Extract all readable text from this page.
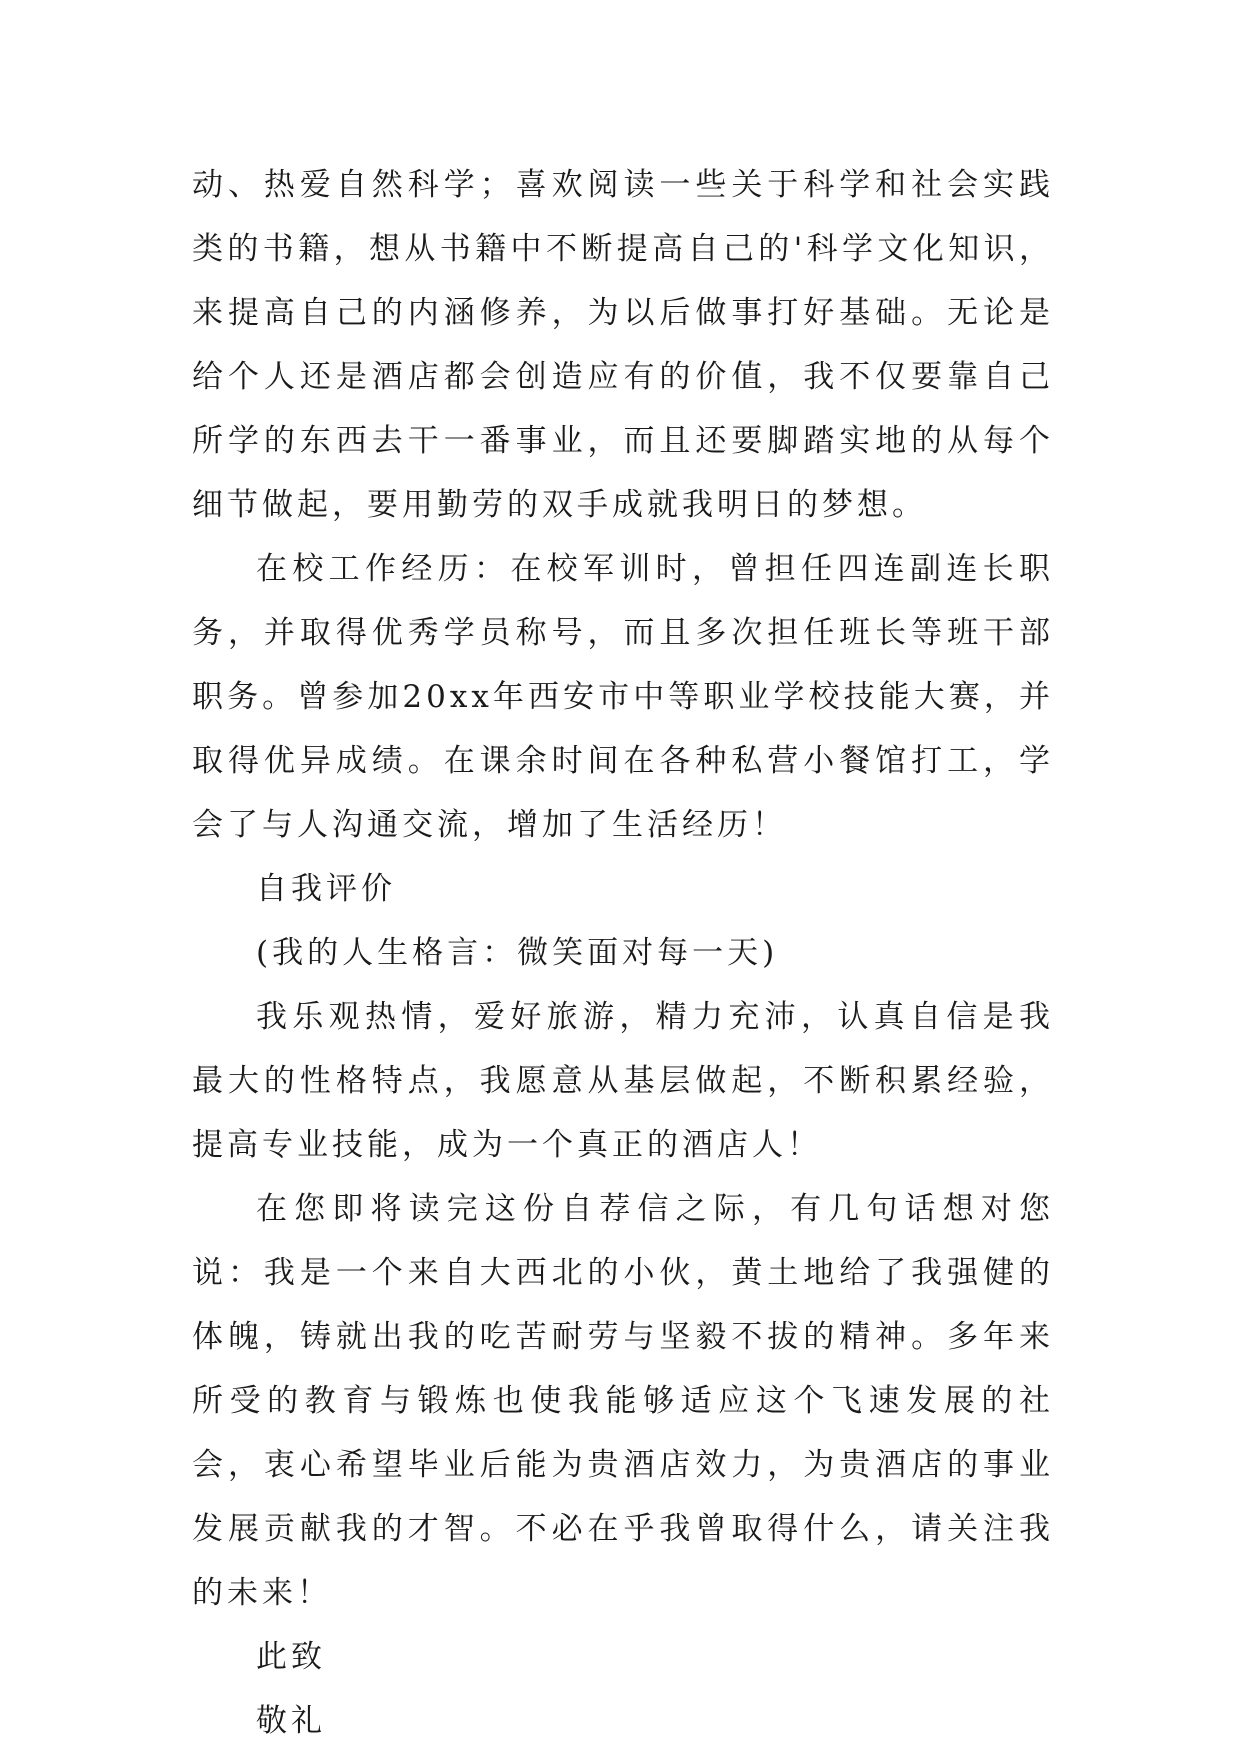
动、热爱自然科学；喜欢阅读一些关于科学和社会实践类的书籍，想从书籍中不断提高自己的'科学文化知识，来提高自己的内涵修养，为以后做事打好基础。无论是给个人还是酒店都会创造应有的价值，我不仅要靠自己所学的东西去干一番事业，而且还要脚踏实地的从每个细节做起，要用勤劳的双手成就我明日的梦想。

在校工作经历：在校军训时，曾担任四连副连长职务，并取得优秀学员称号，而且多次担任班长等班干部职务。曾参加20xx年西安市中等职业学校技能大赛，并取得优异成绩。在课余时间在各种私营小餐馆打工，学会了与人沟通交流，增加了生活经历！

自我评价

(我的人生格言：微笑面对每一天)

我乐观热情，爱好旅游，精力充沛，认真自信是我最大的性格特点，我愿意从基层做起，不断积累经验，提高专业技能，成为一个真正的酒店人！

在您即将读完这份自荐信之际，有几句话想对您说：我是一个来自大西北的小伙，黄土地给了我强健的体魄，铸就出我的吃苦耐劳与坚毅不拔的精神。多年来所受的教育与锻炼也使我能够适应这个飞速发展的社会，衷心希望毕业后能为贵酒店效力，为贵酒店的事业发展贡献我的才智。不必在乎我曾取得什么，请关注我的未来！

此致

敬礼
